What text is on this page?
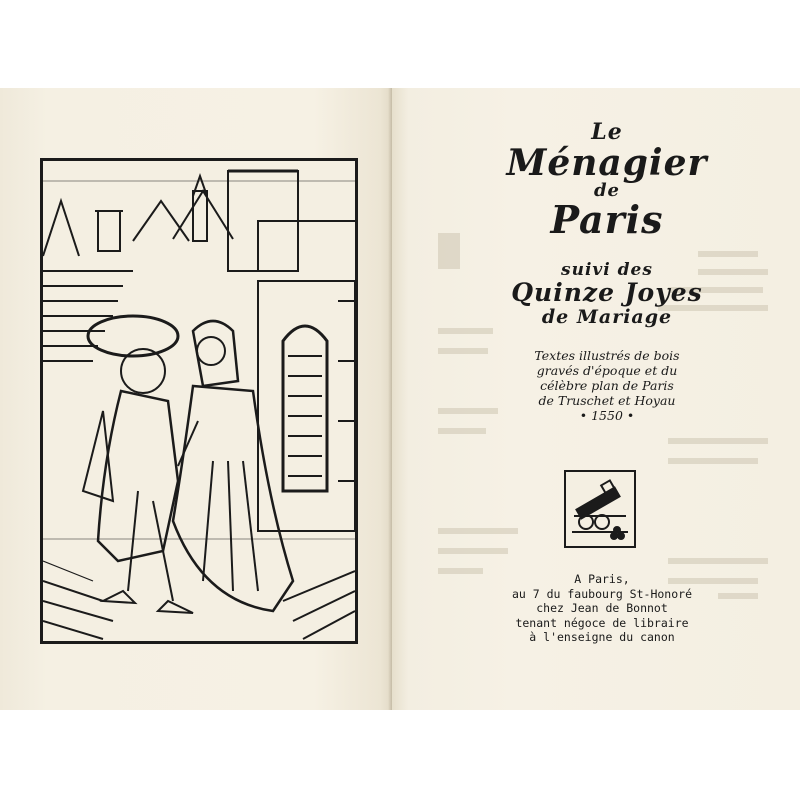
Le
Ménagier
de
Paris
suivi des
Quinze Joyes
de Mariage
Textes illustrés de bois
gravés d'époque et du
célèbre plan de Paris
de Truschet et Hoyau
• 1550 •
A Paris,
au 7 du faubourg St-Honoré
chez Jean de Bonnot
tenant négoce de libraire
à l'enseigne du canon
